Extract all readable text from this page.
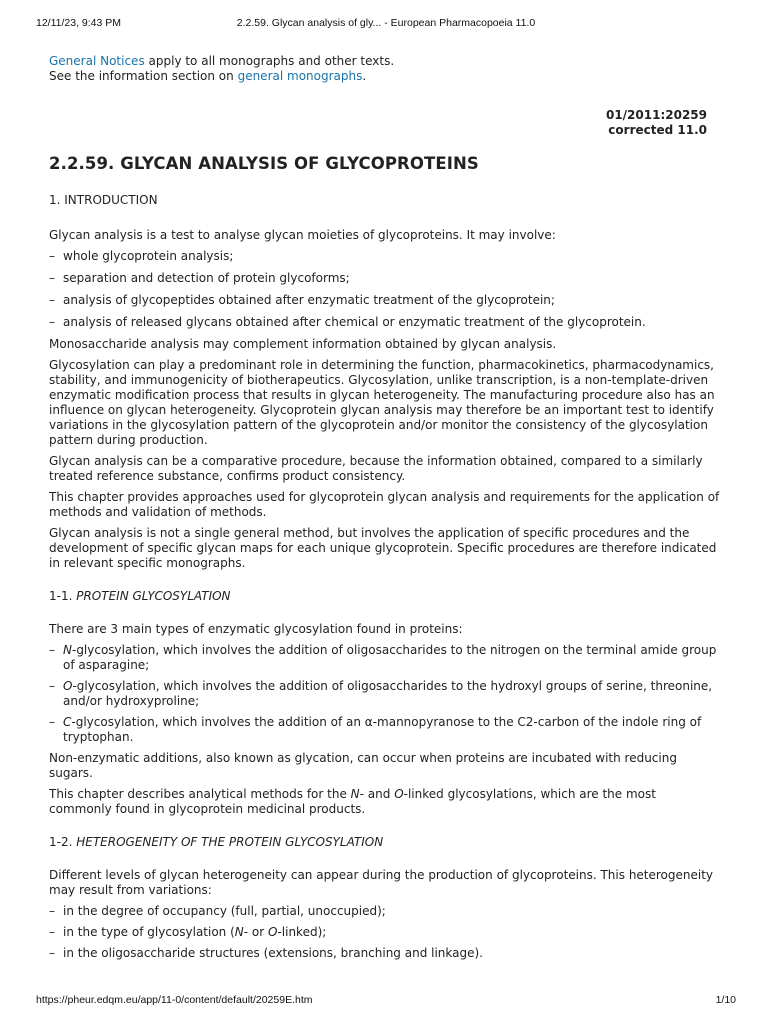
12/11/23, 9:43 PM	2.2.59. Glycan analysis of gly... - European Pharmacopoeia 11.0
General Notices apply to all monographs and other texts.
See the information section on general monographs.
01/2011:20259
corrected 11.0
2.2.59. GLYCAN ANALYSIS OF GLYCOPROTEINS
1. INTRODUCTION

Glycan analysis is a test to analyse glycan moieties of glycoproteins. It may involve:

– whole glycoprotein analysis;
– separation and detection of protein glycoforms;
– analysis of glycopeptides obtained after enzymatic treatment of the glycoprotein;
– analysis of released glycans obtained after chemical or enzymatic treatment of the glycoprotein.

Monosaccharide analysis may complement information obtained by glycan analysis.

Glycosylation can play a predominant role in determining the function, pharmacokinetics, pharmacodynamics, stability, and immunogenicity of biotherapeutics. Glycosylation, unlike transcription, is a non-template-driven enzymatic modification process that results in glycan heterogeneity. The manufacturing procedure also has an influence on glycan heterogeneity. Glycoprotein glycan analysis may therefore be an important test to identify variations in the glycosylation pattern of the glycoprotein and/or monitor the consistency of the glycosylation pattern during production.

Glycan analysis can be a comparative procedure, because the information obtained, compared to a similarly treated reference substance, confirms product consistency.

This chapter provides approaches used for glycoprotein glycan analysis and requirements for the application of methods and validation of methods.

Glycan analysis is not a single general method, but involves the application of specific procedures and the development of specific glycan maps for each unique glycoprotein. Specific procedures are therefore indicated in relevant specific monographs.

1-1. PROTEIN GLYCOSYLATION

There are 3 main types of enzymatic glycosylation found in proteins:

– N-glycosylation, which involves the addition of oligosaccharides to the nitrogen on the terminal amide group of asparagine;
– O-glycosylation, which involves the addition of oligosaccharides to the hydroxyl groups of serine, threonine, and/or hydroxyproline;
– C-glycosylation, which involves the addition of an α-mannopyranose to the C2-carbon of the indole ring of tryptophan.

Non-enzymatic additions, also known as glycation, can occur when proteins are incubated with reducing sugars.

This chapter describes analytical methods for the N- and O-linked glycosylations, which are the most commonly found in glycoprotein medicinal products.

1-2. HETEROGENEITY OF THE PROTEIN GLYCOSYLATION

Different levels of glycan heterogeneity can appear during the production of glycoproteins. This heterogeneity may result from variations:

– in the degree of occupancy (full, partial, unoccupied);
– in the type of glycosylation (N- or O-linked);
– in the oligosaccharide structures (extensions, branching and linkage).
https://pheur.edqm.eu/app/11-0/content/default/20259E.htm	1/10
